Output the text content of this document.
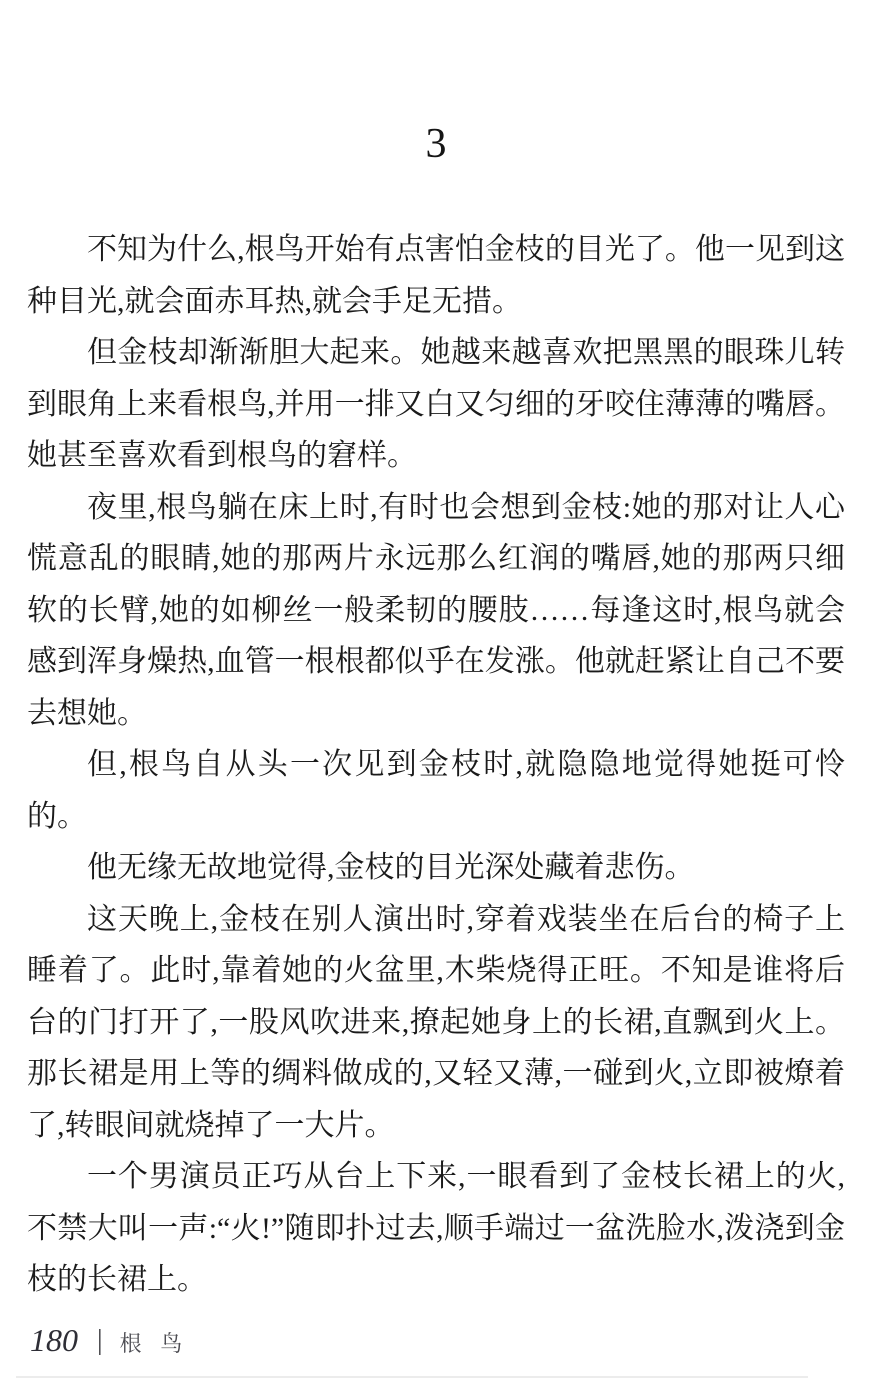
3

不知为什么,根鸟开始有点害怕金枝的目光了。他一见到这种目光,就会面赤耳热,就会手足无措。

但金枝却渐渐胆大起来。她越来越喜欢把黑黑的眼珠儿转到眼角上来看根鸟,并用一排又白又匀细的牙咬住薄薄的嘴唇。她甚至喜欢看到根鸟的窘样。

夜里,根鸟躺在床上时,有时也会想到金枝:她的那对让人心慌意乱的眼睛,她的那两片永远那么红润的嘴唇,她的那两只细软的长臂,她的如柳丝一般柔韧的腰肢……每逢这时,根鸟就会感到浑身燥热,血管一根根都似乎在发涨。他就赶紧让自己不要去想她。

但,根鸟自从头一次见到金枝时,就隐隐地觉得她挺可怜的。

他无缘无故地觉得,金枝的目光深处藏着悲伤。

这天晚上,金枝在别人演出时,穿着戏装坐在后台的椅子上睡着了。此时,靠着她的火盆里,木柴烧得正旺。不知是谁将后台的门打开了,一股风吹进来,撩起她身上的长裙,直飘到火上。那长裙是用上等的绸料做成的,又轻又薄,一碰到火,立即被燎着了,转眼间就烧掉了一大片。

一个男演员正巧从台上下来,一眼看到了金枝长裙上的火,不禁大叫一声:“火!”随即扑过去,顺手端过一盆洗脸水,泼浇到金枝的长裙上。

180 | 根 鸟
